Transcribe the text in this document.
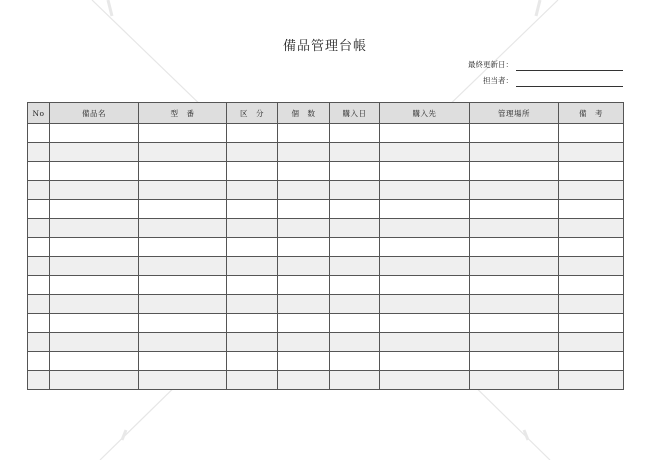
備品管理台帳
最終更新日：
担当者：
No	備品名	型　番	区　分	個　数	購入日	購入先	管理場所	備　考
